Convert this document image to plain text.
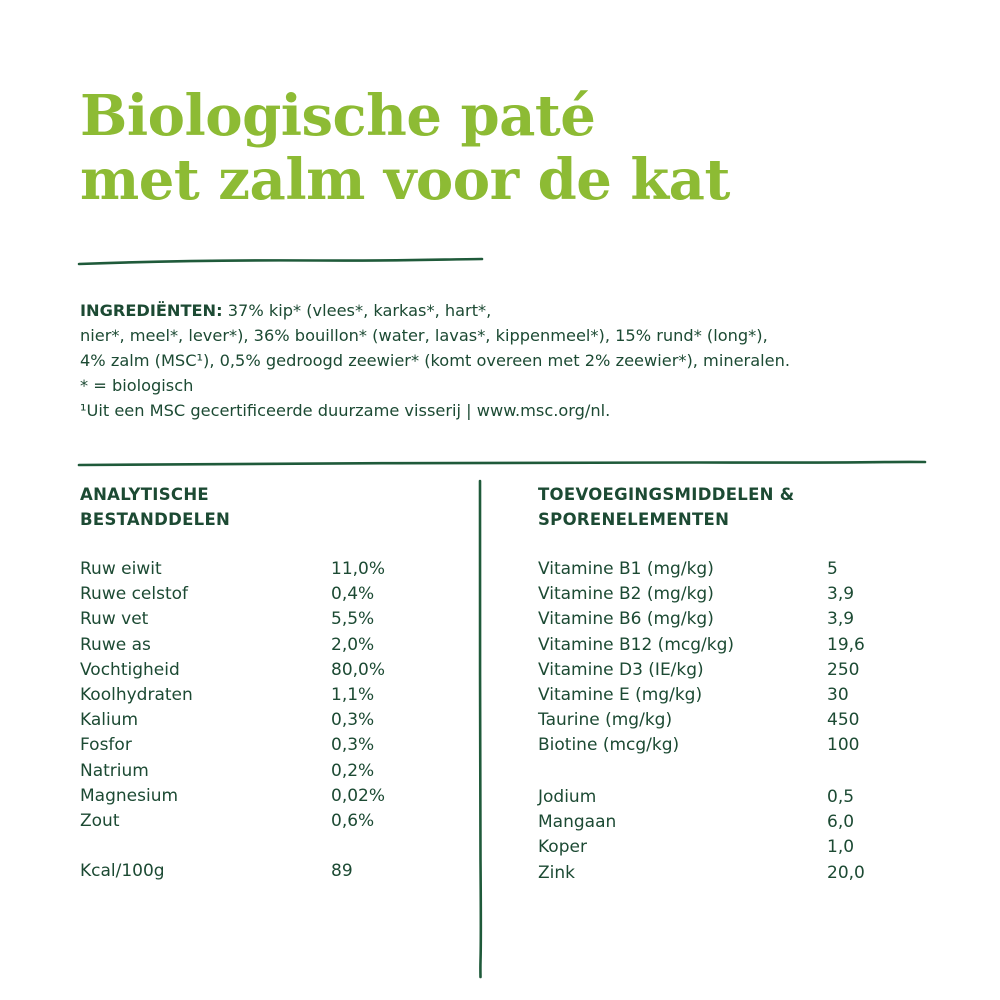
Biologische paté
met zalm voor de kat

INGREDIËNTEN: 37% kip* (vlees*, karkas*, hart*,

nier*, meel*, lever*), 36% bouillon* (water, lavas*, kippenmeel*), 15% rund* (long*),

4% zalm (MSC¹), 0,5% gedroogd zeewier* (komt overeen met 2% zeewier*), mineralen.

* = biologisch

¹Uit een MSC gecertificeerde duurzame visserij | www.msc.org/nl.

ANALYTISCHE
BESTANDDELEN
TOEVOEGINGSMIDDELEN &
SPORENELEMENTEN
Ruw eiwit	11,0%
Ruwe celstof	0,4%
Ruw vet	5,5%
Ruwe as	2,0%
Vochtigheid	80,0%
Koolhydraten	1,1%
Kalium	0,3%
Fosfor	0,3%
Natrium	0,2%
Magnesium	0,02%
Zout	0,6%
Kcal/100g	89
Vitamine B1 (mg/kg)	5
Vitamine B2 (mg/kg)	3,9
Vitamine B6 (mg/kg)	3,9
Vitamine B12 (mcg/kg)	19,6
Vitamine D3 (IE/kg)	250
Vitamine E (mg/kg)	30
Taurine (mg/kg)	450
Biotine (mcg/kg)	100
Jodium	0,5
Mangaan	6,0
Koper	1,0
Zink	20,0
